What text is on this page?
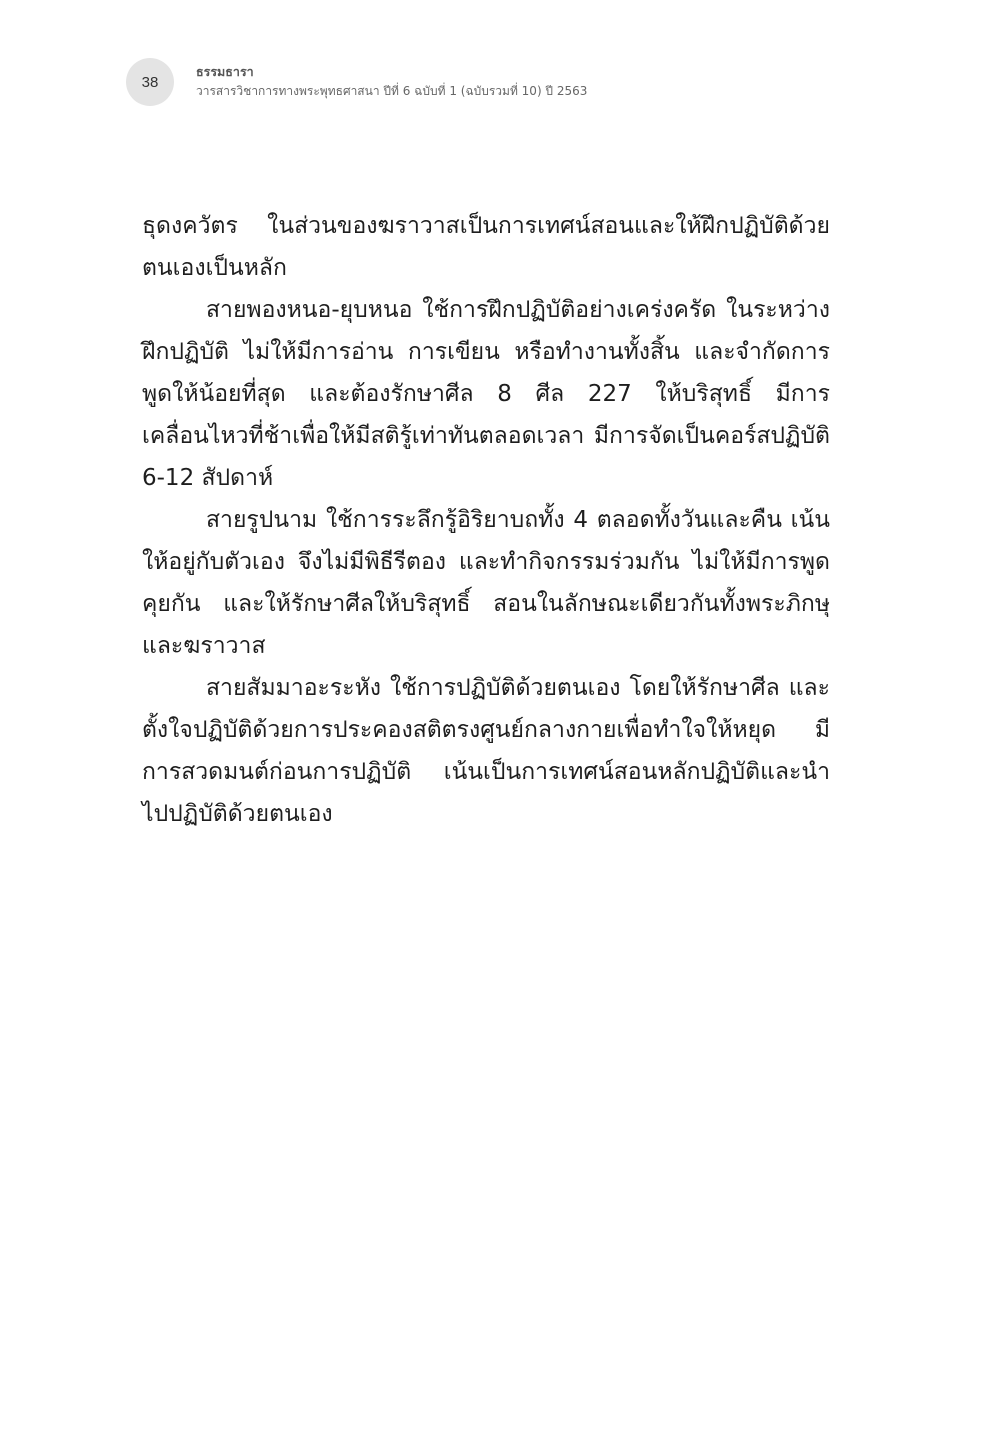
38
ธรรมธารา
วารสารวิชาการทางพระพุทธศาสนา ปีที่ 6 ฉบับที่ 1 (ฉบับรวมที่ 10) ปี 2563

ธุดงควัตร ในส่วนของฆราวาสเป็นการเทศน์สอนและให้ฝึกปฏิบัติด้วยตนเองเป็นหลัก

สายพองหนอ-ยุบหนอ ใช้การฝึกปฏิบัติอย่างเคร่งครัด ในระหว่างฝึกปฏิบัติ ไม่ให้มีการอ่าน การเขียน หรือทำงานทั้งสิ้น และจำกัดการพูดให้น้อยที่สุด และต้องรักษาศีล 8 ศีล 227 ให้บริสุทธิ์ มีการเคลื่อนไหวที่ช้าเพื่อให้มีสติรู้เท่าทันตลอดเวลา มีการจัดเป็นคอร์สปฏิบัติ 6-12 สัปดาห์

สายรูปนาม ใช้การระลึกรู้อิริยาบถทั้ง 4 ตลอดทั้งวันและคืน เน้นให้อยู่กับตัวเอง จึงไม่มีพิธีรีตอง และทำกิจกรรมร่วมกัน ไม่ให้มีการพูดคุยกัน และให้รักษาศีลให้บริสุทธิ์ สอนในลักษณะเดียวกันทั้งพระภิกษุและฆราวาส

สายสัมมาอะระหัง ใช้การปฏิบัติด้วยตนเอง โดยให้รักษาศีล และตั้งใจปฏิบัติด้วยการประคองสติตรงศูนย์กลางกายเพื่อทำใจให้หยุด มีการสวดมนต์ก่อนการปฏิบัติ เน้นเป็นการเทศน์สอนหลักปฏิบัติและนำไปปฏิบัติด้วยตนเอง
